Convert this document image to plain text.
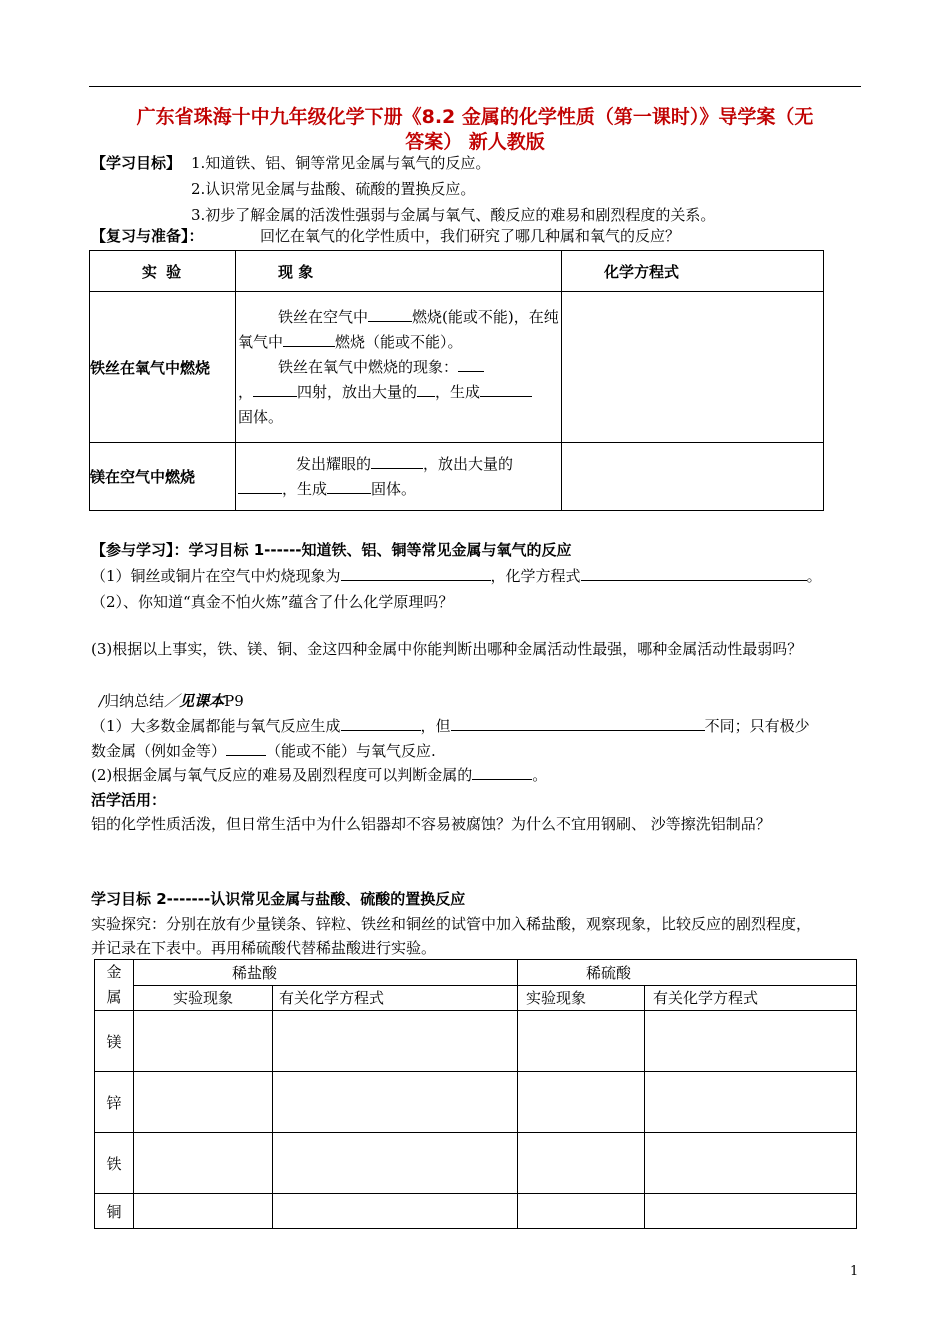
广东省珠海十中九年级化学下册《8.2 金属的化学性质（第一课时）》导学案（无
答案） 新人教版
【学习目标】 1.知道铁、铝、铜等常见金属与氧气的反应。
2.认识常见金属与盐酸、硫酸的置换反应。
3.初步了解金属的活泼性强弱与金属与氧气、酸反应的难易和剧烈程度的关系。
【复习与准备】：	回忆在氧气的化学性质中，我们研究了哪几种属和氧气的反应？
实 验	现 象	化学方程式
铁丝在氧气中燃烧	铁丝在空气中 燃烧(能或不能)，在纯氧气中 燃烧（能或不能）。
铁丝在氧气中燃烧的现象：
， 四射，放出大量的 ，生成
固体。	
镁在空气中燃烧	发出耀眼的 ，放出大量的
，生成 固体。	
【参与学习】：学习目标 1------知道铁、铝、铜等常见金属与氧气的反应
（1）铜丝或铜片在空气中灼烧现象为	，化学方程式	。
（2）、你知道“真金不怕火炼”蕴含了什么化学原理吗？
(3)根据以上事实，铁、镁、铜、金这四种金属中你能判断出哪种金属活动性最强，哪种金属活动性最弱吗？
/归纳总结／见课本P9
（1）大多数金属都能与氧气反应生成	，但	不同；只有极少
数金属（例如金等）	（能或不能）与氧气反应.
(2)根据金属与氧气反应的难易及剧烈程度可以判断金属的	。
活学活用：
铝的化学性质活泼，但日常生活中为什么铝器却不容易被腐蚀？为什么不宜用钢刷、 沙等擦洗铝制品？
学习目标 2-------认识常见金属与盐酸、硫酸的置换反应
实验探究：分别在放有少量镁条、锌粒、铁丝和铜丝的试管中加入稀盐酸，观察现象，比较反应的剧烈程度，
并记录在下表中。再用稀硫酸代替稀盐酸进行实验。
金
属	稀盐酸		稀硫酸	
	实验现象	有关化学方程式	实验现象	有关化学方程式
镁				
锌				
铁				
铜				
1
